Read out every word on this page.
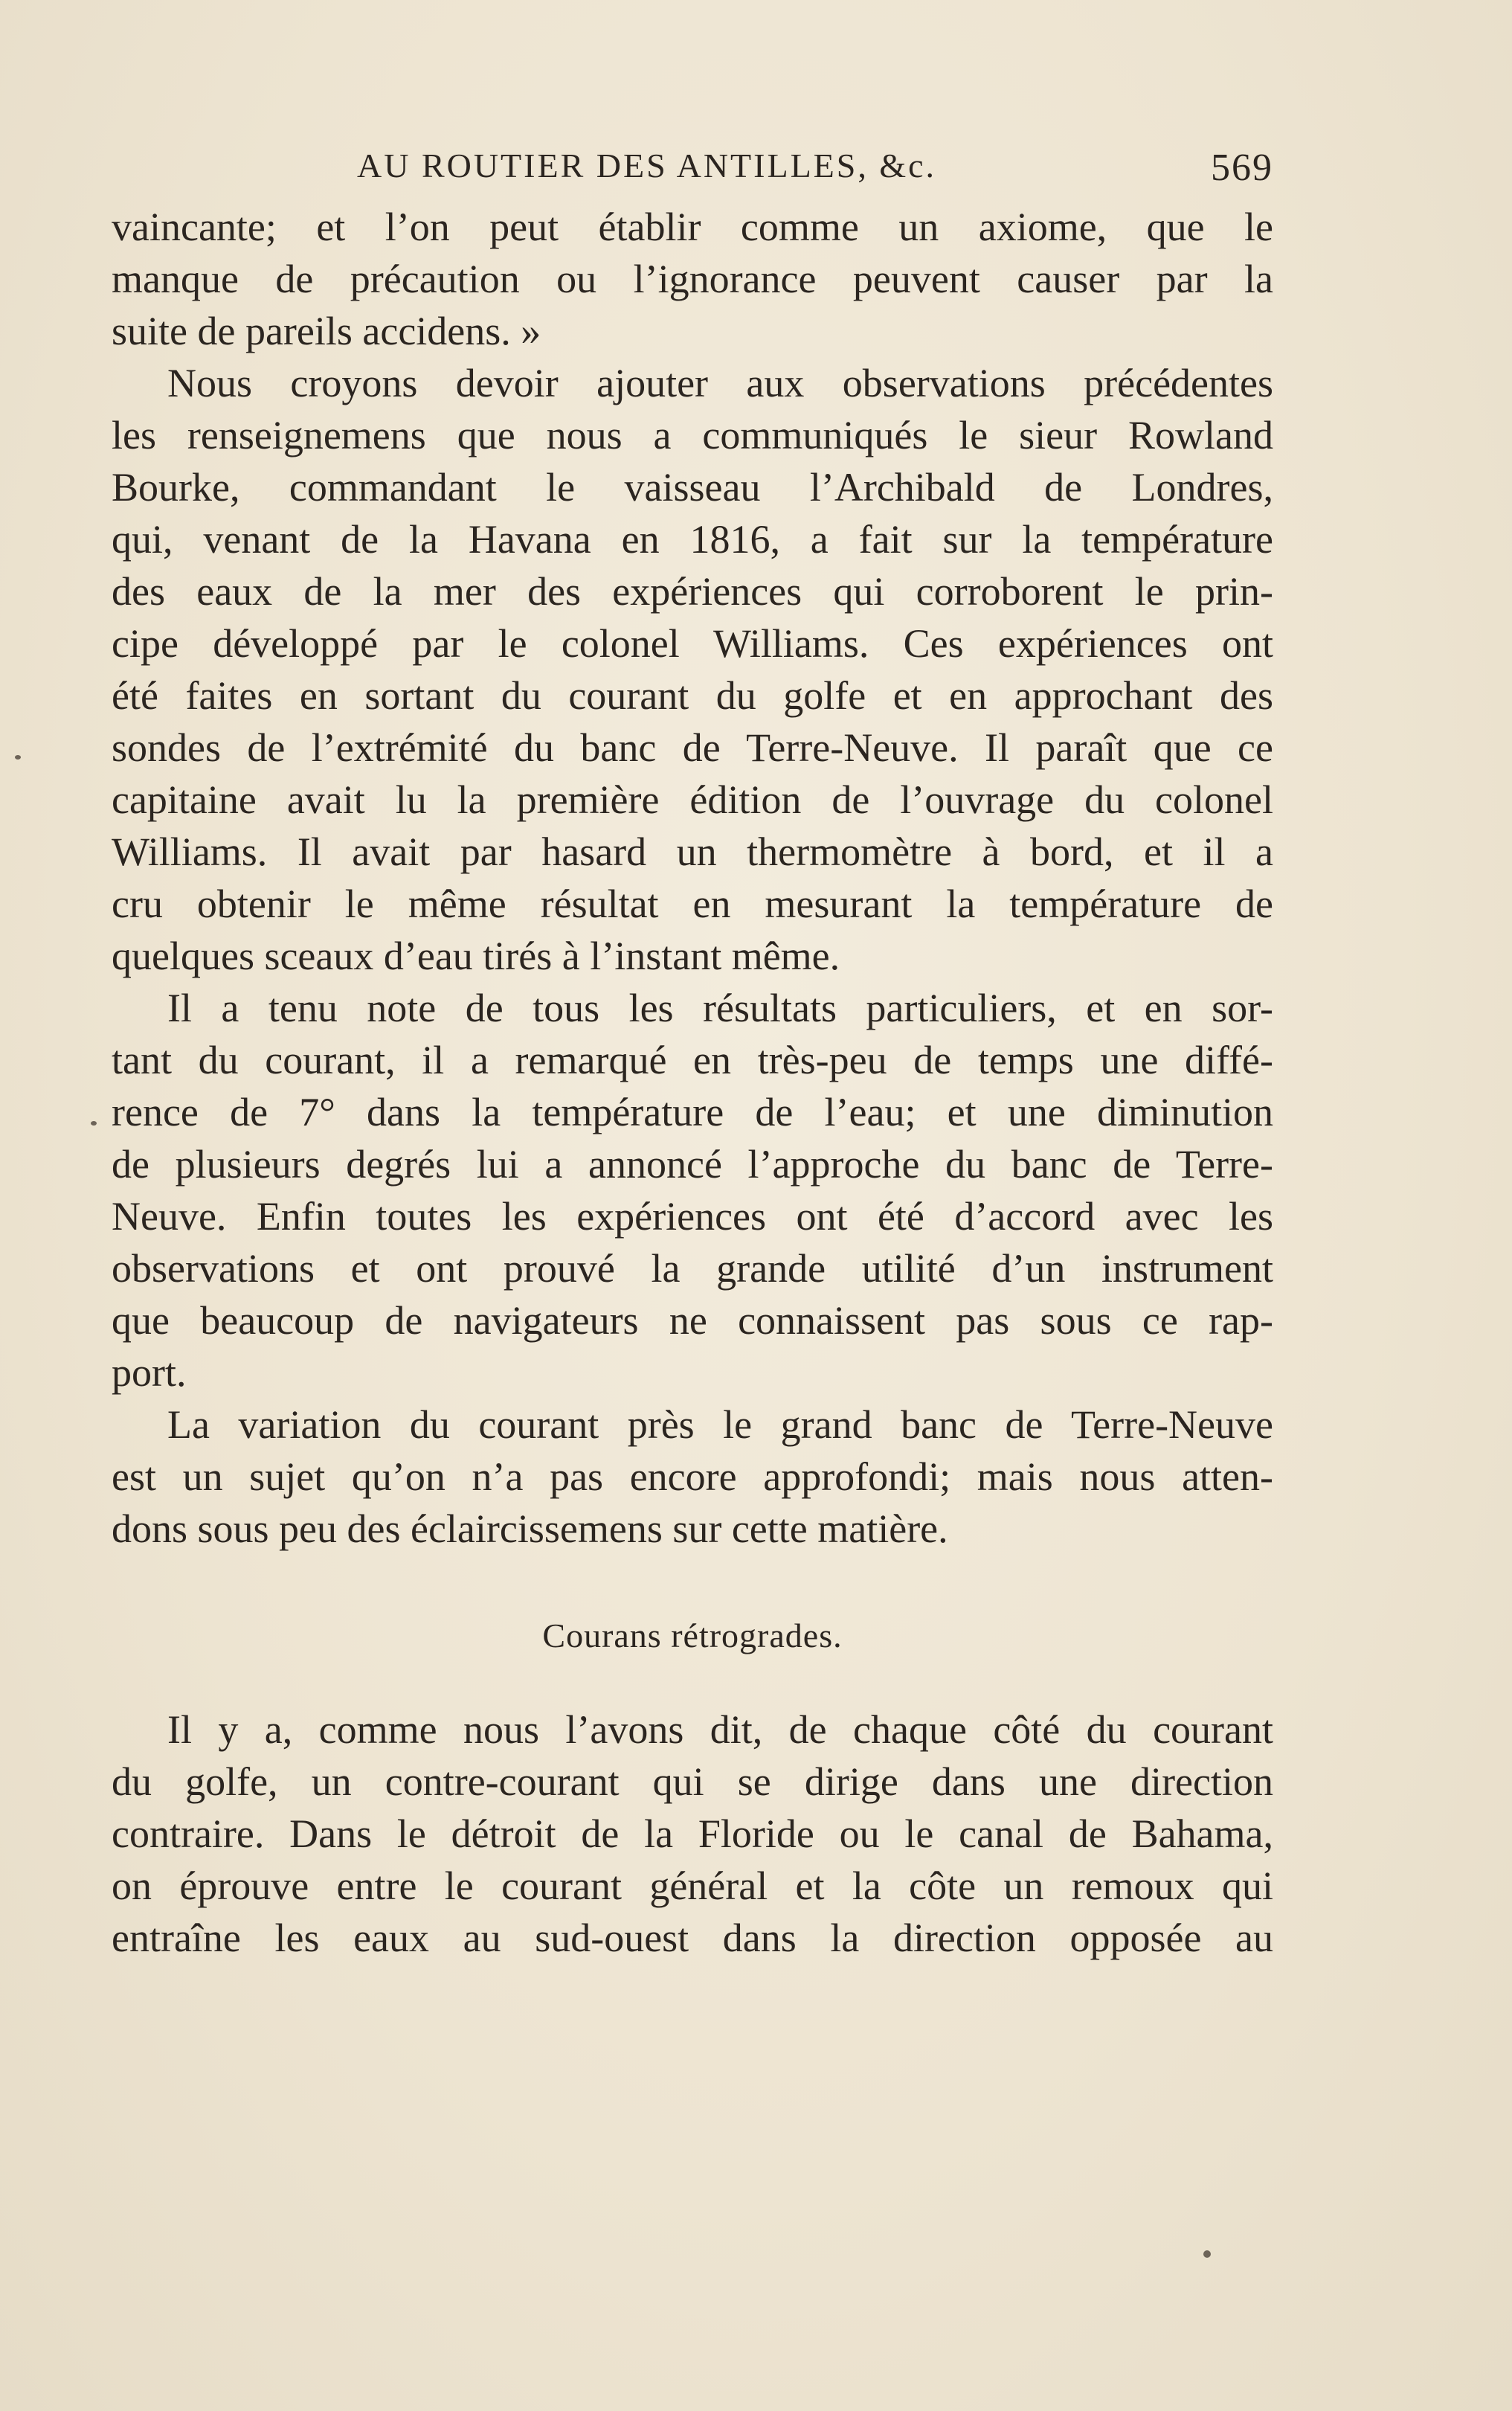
AU ROUTIER DES ANTILLES, &c.	569
vaincante; et l’on peut établir comme un axiome, que le
manque de précaution ou l’ignorance peuvent causer par la
suite de pareils accidens. »
Nous croyons devoir ajouter aux observations précédentes
les renseignemens que nous a communiqués le sieur Rowland
Bourke, commandant le vaisseau l’Archibald de Londres,
qui, venant de la Havana en 1816, a fait sur la température
des eaux de la mer des expériences qui corroborent le prin-
cipe développé par le colonel Williams. Ces expériences ont
été faites en sortant du courant du golfe et en approchant des
sondes de l’extrémité du banc de Terre-Neuve. Il paraît que ce
capitaine avait lu la première édition de l’ouvrage du colonel
Williams. Il avait par hasard un thermomètre à bord, et il a
cru obtenir le même résultat en mesurant la température de
quelques sceaux d’eau tirés à l’instant même.
Il a tenu note de tous les résultats particuliers, et en sor-
tant du courant, il a remarqué en très-peu de temps une diffé-
rence de 7° dans la température de l’eau; et une diminution
de plusieurs degrés lui a annoncé l’approche du banc de Terre-
Neuve. Enfin toutes les expériences ont été d’accord avec les
observations et ont prouvé la grande utilité d’un instrument
que beaucoup de navigateurs ne connaissent pas sous ce rap-
port.
La variation du courant près le grand banc de Terre-Neuve
est un sujet qu’on n’a pas encore approfondi; mais nous atten-
dons sous peu des éclaircissemens sur cette matière.
Courans rétrogrades.
Il y a, comme nous l’avons dit, de chaque côté du courant
du golfe, un contre-courant qui se dirige dans une direction
contraire. Dans le détroit de la Floride ou le canal de Bahama,
on éprouve entre le courant général et la côte un remoux qui
entraîne les eaux au sud-ouest dans la direction opposée au
